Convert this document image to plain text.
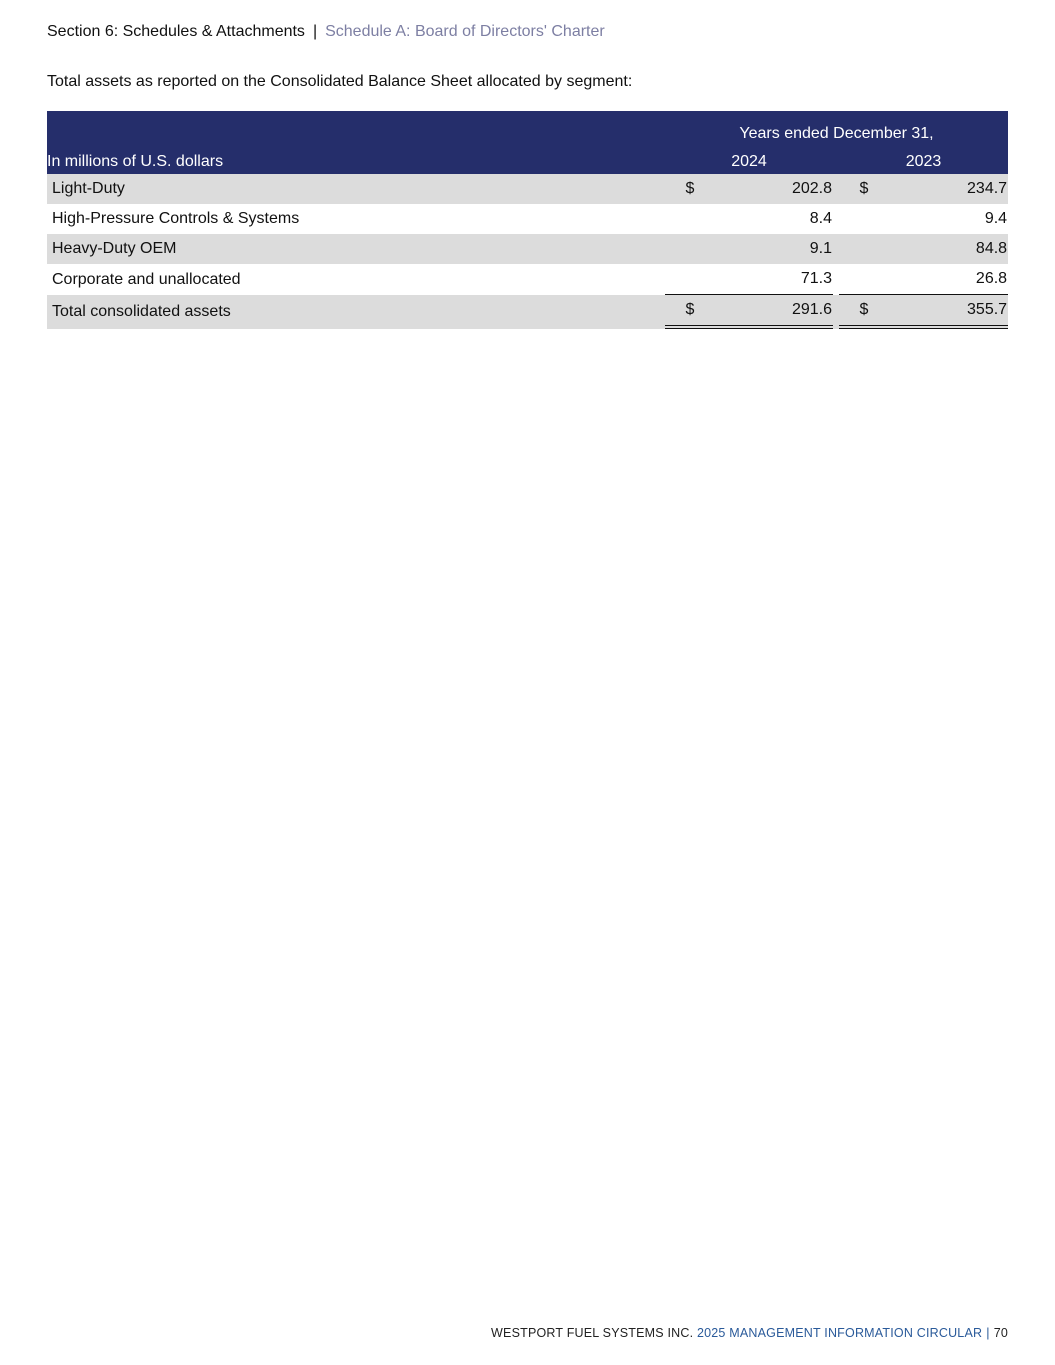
Section 6: Schedules & Attachments | Schedule A: Board of Directors' Charter
Total assets as reported on the Consolidated Balance Sheet allocated by segment:
	Years ended December 31,				
In millions of U.S. dollars	2024			2023	
Light-Duty	$	202.8		$	234.7
High-Pressure Controls & Systems		8.4			9.4
Heavy-Duty OEM		9.1			84.8
Corporate and unallocated		71.3			26.8
Total consolidated assets	$	291.6		$	355.7
WESTPORT FUEL SYSTEMS INC. 2025 MANAGEMENT INFORMATION CIRCULAR | 70
